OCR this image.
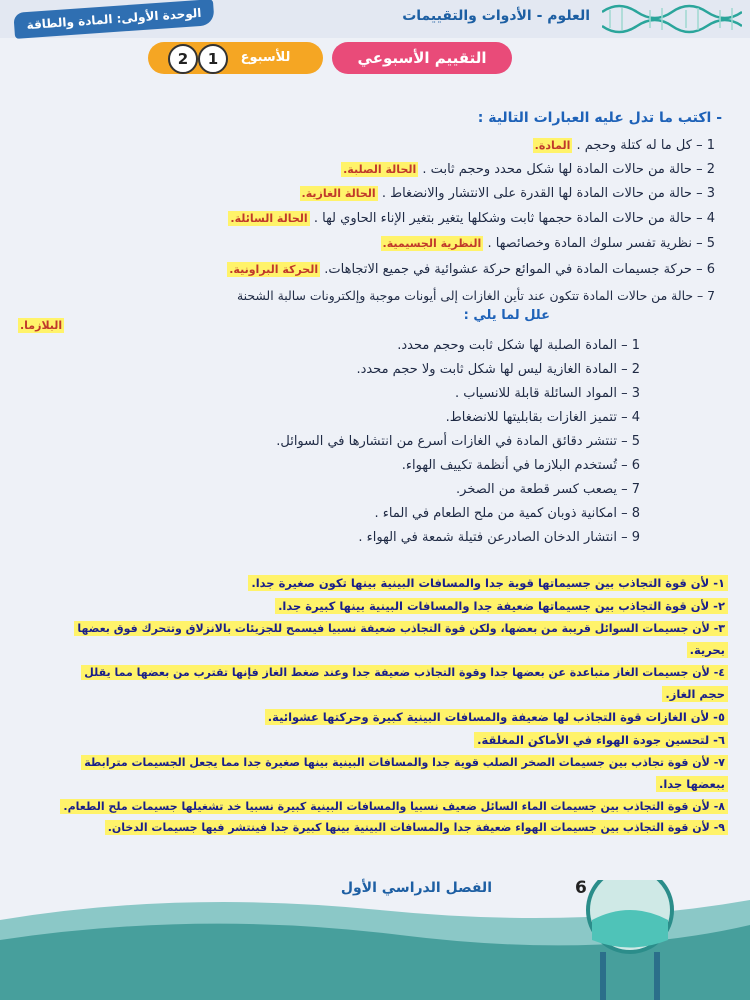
الوحدة الأولى: المادة والطاقة	العلوم - الأدوات والتقييمات
للأسبوع
2	1	التقييم الأسبوعي
- اكتب ما تدل عليه العبارات التالية :
1 – كل ما له كتلة وحجم . المادة.
2 – حالة من حالات المادة لها شكل محدد وحجم ثابت . الحالة الصلبة.
3 – حالة من حالات المادة لها القدرة على الانتشار والانضغاط . الحالة الغازية.
4 – حالة من حالات المادة حجمها ثابت وشكلها يتغير بتغير الإناء الحاوي لها . الحالة السائلة.
5 – نظرية تفسر سلوك المادة وخصائصها . النظرية الجسيمية.
6 – حركة جسيمات المادة في الموائع حركة عشوائية في جميع الاتجاهات. الحركة البراونية.
7 – حالة من حالات المادة تتكون عند تأين الغازات إلى أيونات موجبة وإلكترونات سالبة الشحنة
البلازما.
علل لما يلي :
1 – المادة الصلبة لها شكل ثابت وحجم محدد.
2 – المادة الغازية ليس لها شكل ثابت ولا حجم محدد.
3 – المواد السائلة قابلة للانسياب .
4 – تتميز الغازات بقابليتها للانضغاط.
5 – تنتشر دقائق المادة في الغازات أسرع من انتشارها في السوائل.
6 – تُستخدم البلازما في أنظمة تكييف الهواء.
7 – يصعب كسر قطعة من الصخر.
8 – امكانية ذوبان كمية من ملح الطعام في الماء .
9 – انتشار الدخان الصادرعن فتيلة شمعة في الهواء .
١- لأن قوة التجاذب بين جسيماتها قوية جدا والمسافات البينية بينها تكون صغيرة جدا.
٢- لأن قوة التجاذب بين جسيماتها ضعيفة جدا والمسافات البينية بينها كبيرة جدا.
٣- لأن جسيمات السوائل قريبة من بعضها، ولكن قوة التجاذب ضعيفة نسبيا فيسمح للجزيئات بالانزلاق وتتحرك فوق بعضها
بحرية.
٤- لأن جسيمات الغاز متباعدة عن بعضها جدا وقوة التجاذب ضعيفة جدا وعند ضغط الغاز فإنها تقترب من بعضها مما يقلل
حجم الغاز.
٥- لأن الغازات قوة التجاذب لها ضعيفة والمسافات البينية كبيرة وحركتها عشوائية.
٦- لتحسين جودة الهواء في الأماكن المغلقة.
٧- لأن قوة تجاذب بين جسيمات الصخر الصلب قوية جدا والمسافات البينية بينها صغيرة جدا مما يجعل الجسيمات مترابطة
ببعضها جدا.
٨- لأن قوة التجاذب بين جسيمات الماء السائل ضعيف نسبيا والمسافات البينية كبيرة نسبيا خد تشغيلها جسيمات ملح الطعام.
٩- لأن قوة التجاذب بين جسيمات الهواء ضعيفة جدا والمسافات البينية بينها كبيرة جدا فينتشر فيها جسيمات الدخان.
6
الفصل الدراسي الأول
